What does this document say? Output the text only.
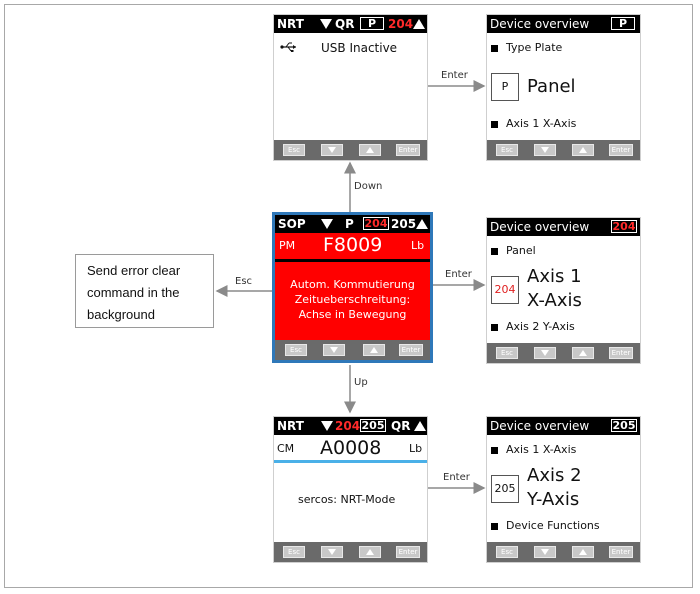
Enter
Enter
Enter
Down
Up
Esc
Send error clear command in the background
NRT	QR	P 204
USB Inactive
Esc	Enter
Device overview	P
Type Plate
P	Panel
Axis 1 X-Axis
Esc	Enter
SOP	P 204 205
PM F8009	Lb
Autom. Kommutierung
Zeitueberschreitung:
Achse in Bewegung
Esc	Enter
Device overview 204
Panel
204
Axis 1
X-Axis
Axis 2 Y-Axis
Esc	Enter
NRT	204 205 QR
CM A0008	Lb
sercos: NRT-Mode
Esc	Enter
Device overview 205
Axis 1 X-Axis
205
Axis 2
Y-Axis
Device Functions
Esc	Enter
